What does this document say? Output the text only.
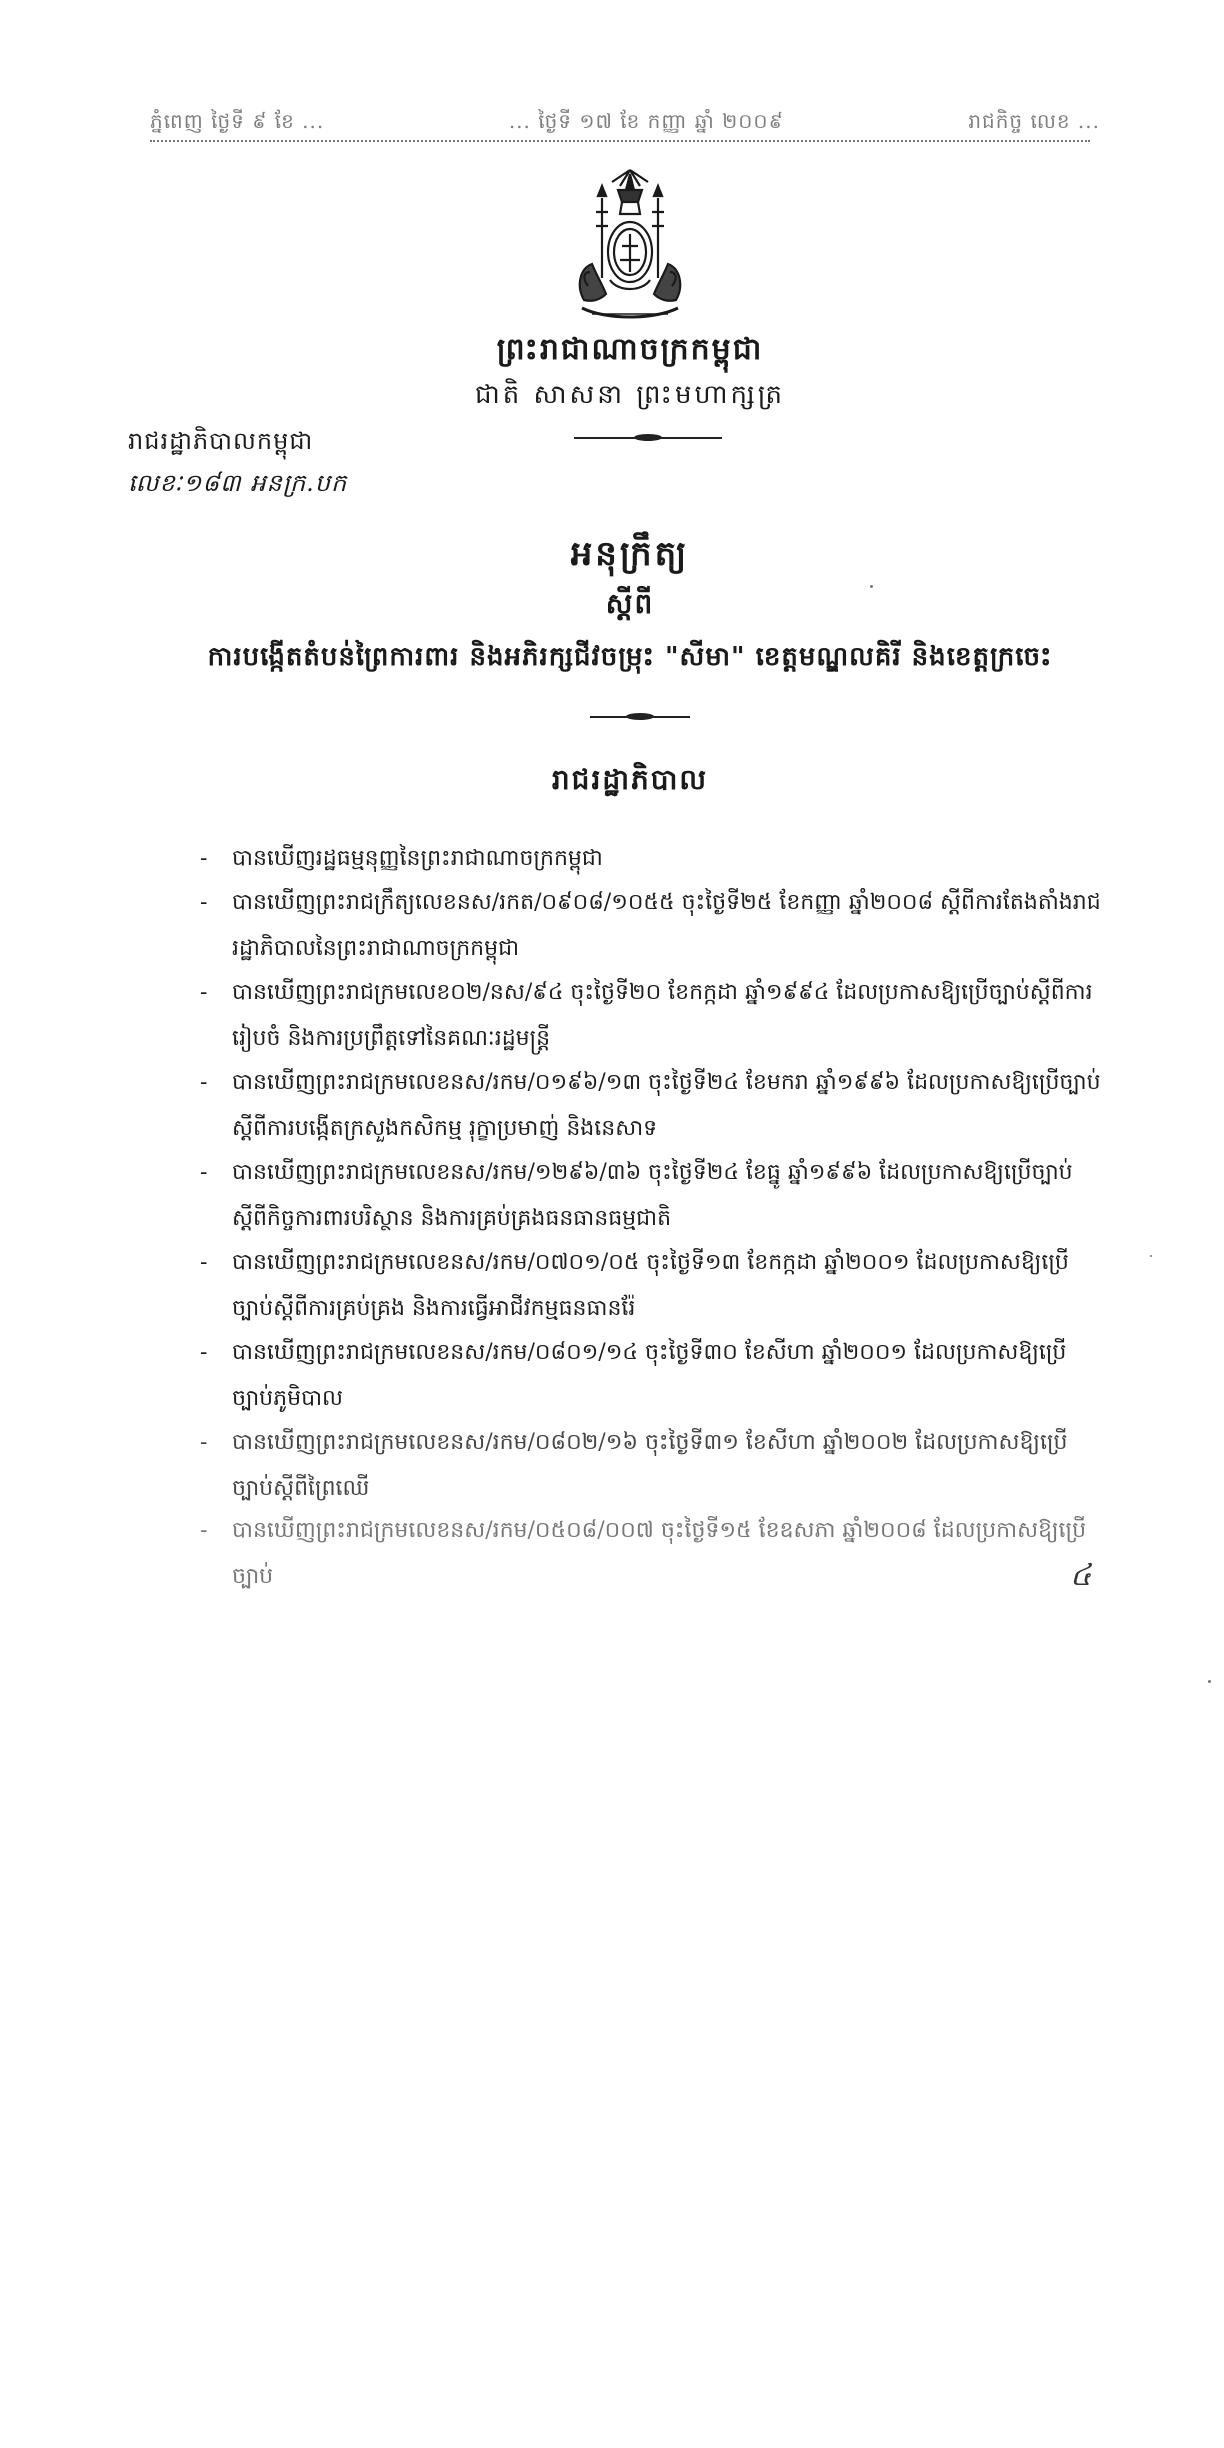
ភ្នំពេញ ថ្ងៃទី ៩ ខែ ...	... ថ្ងៃទី ១៧ ខែ កញ្ញា ឆ្នាំ ២០០៩	រាជកិច្ច លេខ ...
ព្រះរាជាណាចក្រកម្ពុជា
ជាតិ សាសនា ព្រះមហាក្សត្រ
រាជរដ្ឋាភិបាលកម្ពុជា
លេខៈ១៨៣ អនក្រ.បក
អនុក្រឹត្យ
ស្តីពី
ការបង្កើតតំបន់ព្រៃការពារ និងអភិរក្សជីវចម្រុះ "សីមា" ខេត្តមណ្ឌលគិរី និងខេត្តក្រចេះ
រាជរដ្ឋាភិបាល
-	បានឃើញរដ្ឋធម្មនុញ្ញនៃព្រះរាជាណាចក្រកម្ពុជា
-	បានឃើញព្រះរាជក្រឹត្យលេខនស/រកត/០៩០៨/១០៥៥ ចុះថ្ងៃទី២៥ ខែកញ្ញា ឆ្នាំ២០០៨ ស្តីពីការតែងតាំងរាជរដ្ឋាភិបាលនៃព្រះរាជាណាចក្រកម្ពុជា
-	បានឃើញព្រះរាជក្រមលេខ០២/នស/៩៤ ចុះថ្ងៃទី២០ ខែកក្កដា ឆ្នាំ១៩៩៤ ដែលប្រកាសឱ្យប្រើច្បាប់ស្តីពីការរៀបចំ និងការប្រព្រឹត្តទៅនៃគណៈរដ្ឋមន្ត្រី
-	បានឃើញព្រះរាជក្រមលេខនស/រកម/០១៩៦/១៣ ចុះថ្ងៃទី២៤ ខែមករា ឆ្នាំ១៩៩៦ ដែលប្រកាសឱ្យប្រើច្បាប់ស្តីពីការបង្កើតក្រសួងកសិកម្ម រុក្ខាប្រមាញ់ និងនេសាទ
-	បានឃើញព្រះរាជក្រមលេខនស/រកម/១២៩៦/៣៦ ចុះថ្ងៃទី២៤ ខែធ្នូ ឆ្នាំ១៩៩៦ ដែលប្រកាសឱ្យប្រើច្បាប់ស្តីពីកិច្ចការពារបរិស្ថាន និងការគ្រប់គ្រងធនធានធម្មជាតិ
-	បានឃើញព្រះរាជក្រមលេខនស/រកម/០៧០១/០៥ ចុះថ្ងៃទី១៣ ខែកក្កដា ឆ្នាំ២០០១ ដែលប្រកាសឱ្យប្រើច្បាប់ស្តីពីការគ្រប់គ្រង និងការធ្វើអាជីវកម្មធនធានរ៉ែ
-	បានឃើញព្រះរាជក្រមលេខនស/រកម/០៨០១/១៤ ចុះថ្ងៃទី៣០ ខែសីហា ឆ្នាំ២០០១ ដែលប្រកាសឱ្យប្រើច្បាប់ភូមិបាល
-	បានឃើញព្រះរាជក្រមលេខនស/រកម/០៨០២/១៦ ចុះថ្ងៃទី៣១ ខែសីហា ឆ្នាំ២០០២ ដែលប្រកាសឱ្យប្រើច្បាប់ស្តីពីព្រៃឈើ
-	បានឃើញព្រះរាជក្រមលេខនស/រកម/០៥០៨/០០៧ ចុះថ្ងៃទី១៥ ខែឧសភា ឆ្នាំ២០០៨ ដែលប្រកាសឱ្យប្រើច្បាប់	៤
